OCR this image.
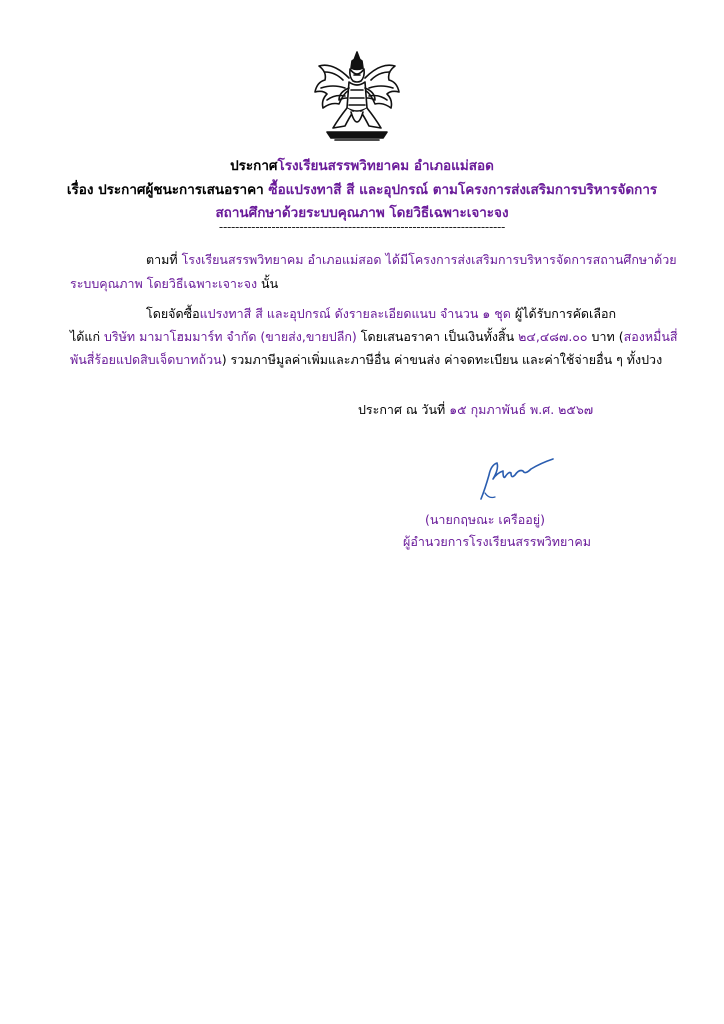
ประกาศโรงเรียนสรรพวิทยาคม อำเภอแม่สอด
เรื่อง ประกาศผู้ชนะการเสนอราคา ซื้อแปรงทาสี สี และอุปกรณ์ ตามโครงการส่งเสริมการบริหารจัดการ
สถานศึกษาด้วยระบบคุณภาพ โดยวิธีเฉพาะเจาะจง
-----------------------------------------------------------------------
ตามที่ โรงเรียนสรรพวิทยาคม อำเภอแม่สอด ได้มีโครงการส่งเสริมการบริหารจัดการสถานศึกษาด้วย
ระบบคุณภาพ โดยวิธีเฉพาะเจาะจง นั้น
โดยจัดซื้อแปรงทาสี สี และอุปกรณ์ ดังรายละเอียดแนบ จำนวน ๑ ชุด ผู้ได้รับการคัดเลือก
ได้แก่ บริษัท มามาโฮมมาร์ท จำกัด (ขายส่ง,ขายปลีก) โดยเสนอราคา เป็นเงินทั้งสิ้น ๒๔,๔๘๗.๐๐ บาท (สองหมื่นสี่
พันสี่ร้อยแปดสิบเจ็ดบาทถ้วน) รวมภาษีมูลค่าเพิ่มและภาษีอื่น ค่าขนส่ง ค่าจดทะเบียน และค่าใช้จ่ายอื่น ๆ ทั้งปวง
ประกาศ ณ วันที่ ๑๕ กุมภาพันธ์ พ.ศ. ๒๕๖๗
(นายกฤษณะ เครืออยู่)
ผู้อำนวยการโรงเรียนสรรพวิทยาคม
